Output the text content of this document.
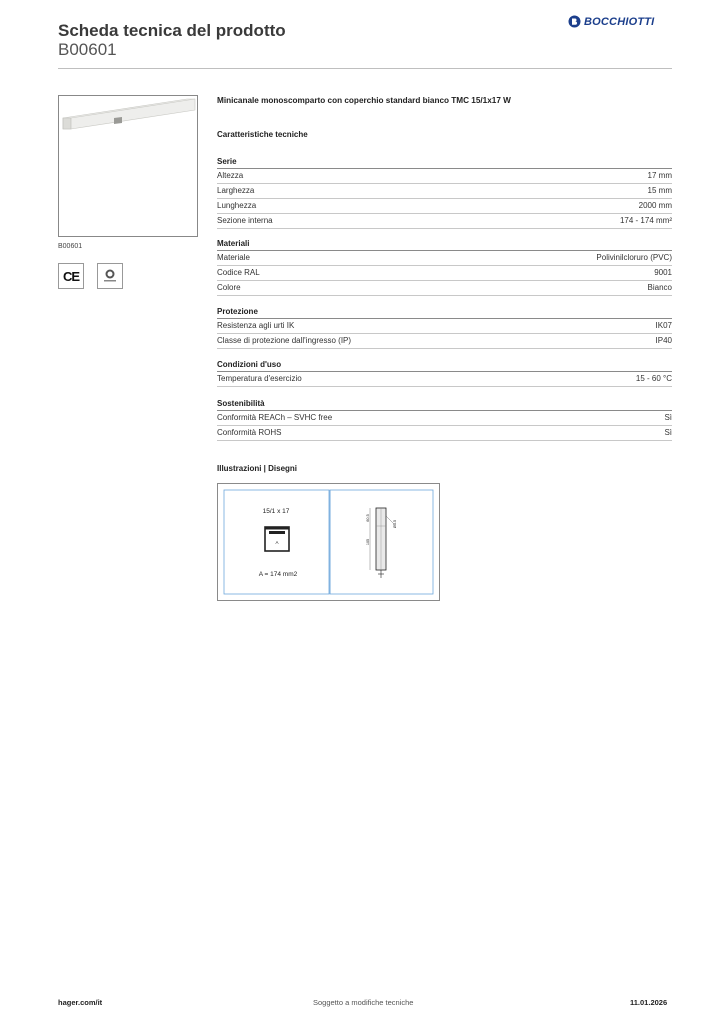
Scheda tecnica del prodotto
B00601
BOCCHIOTTI
B00601
CE
Minicanale monoscomparto con coperchio standard bianco TMC 15/1x17 W
Caratteristiche tecniche
Serie
Altezza	17 mm
Larghezza	15 mm
Lunghezza	2000 mm
Sezione interna	174 - 174 mm²
Materiali
Materiale	Polivinilcloruro (PVC)
Codice RAL	9001
Colore	Bianco
Protezione
Resistenza agli urti IK	IK07
Classe di protezione dall'ingresso (IP)	IP40
Condizioni d'uso
Temperatura d'esercizio	15 - 60 °C
Sostenibilità
Conformità REACh – SVHC free	Sì
Conformità ROHS	Sì
Illustrazioni | Disegni
15/1 x 17
A
A = 174 mm2
60.5
105
Ø5.5
hager.com/it	Soggetto a modifiche tecniche	11.01.2026
